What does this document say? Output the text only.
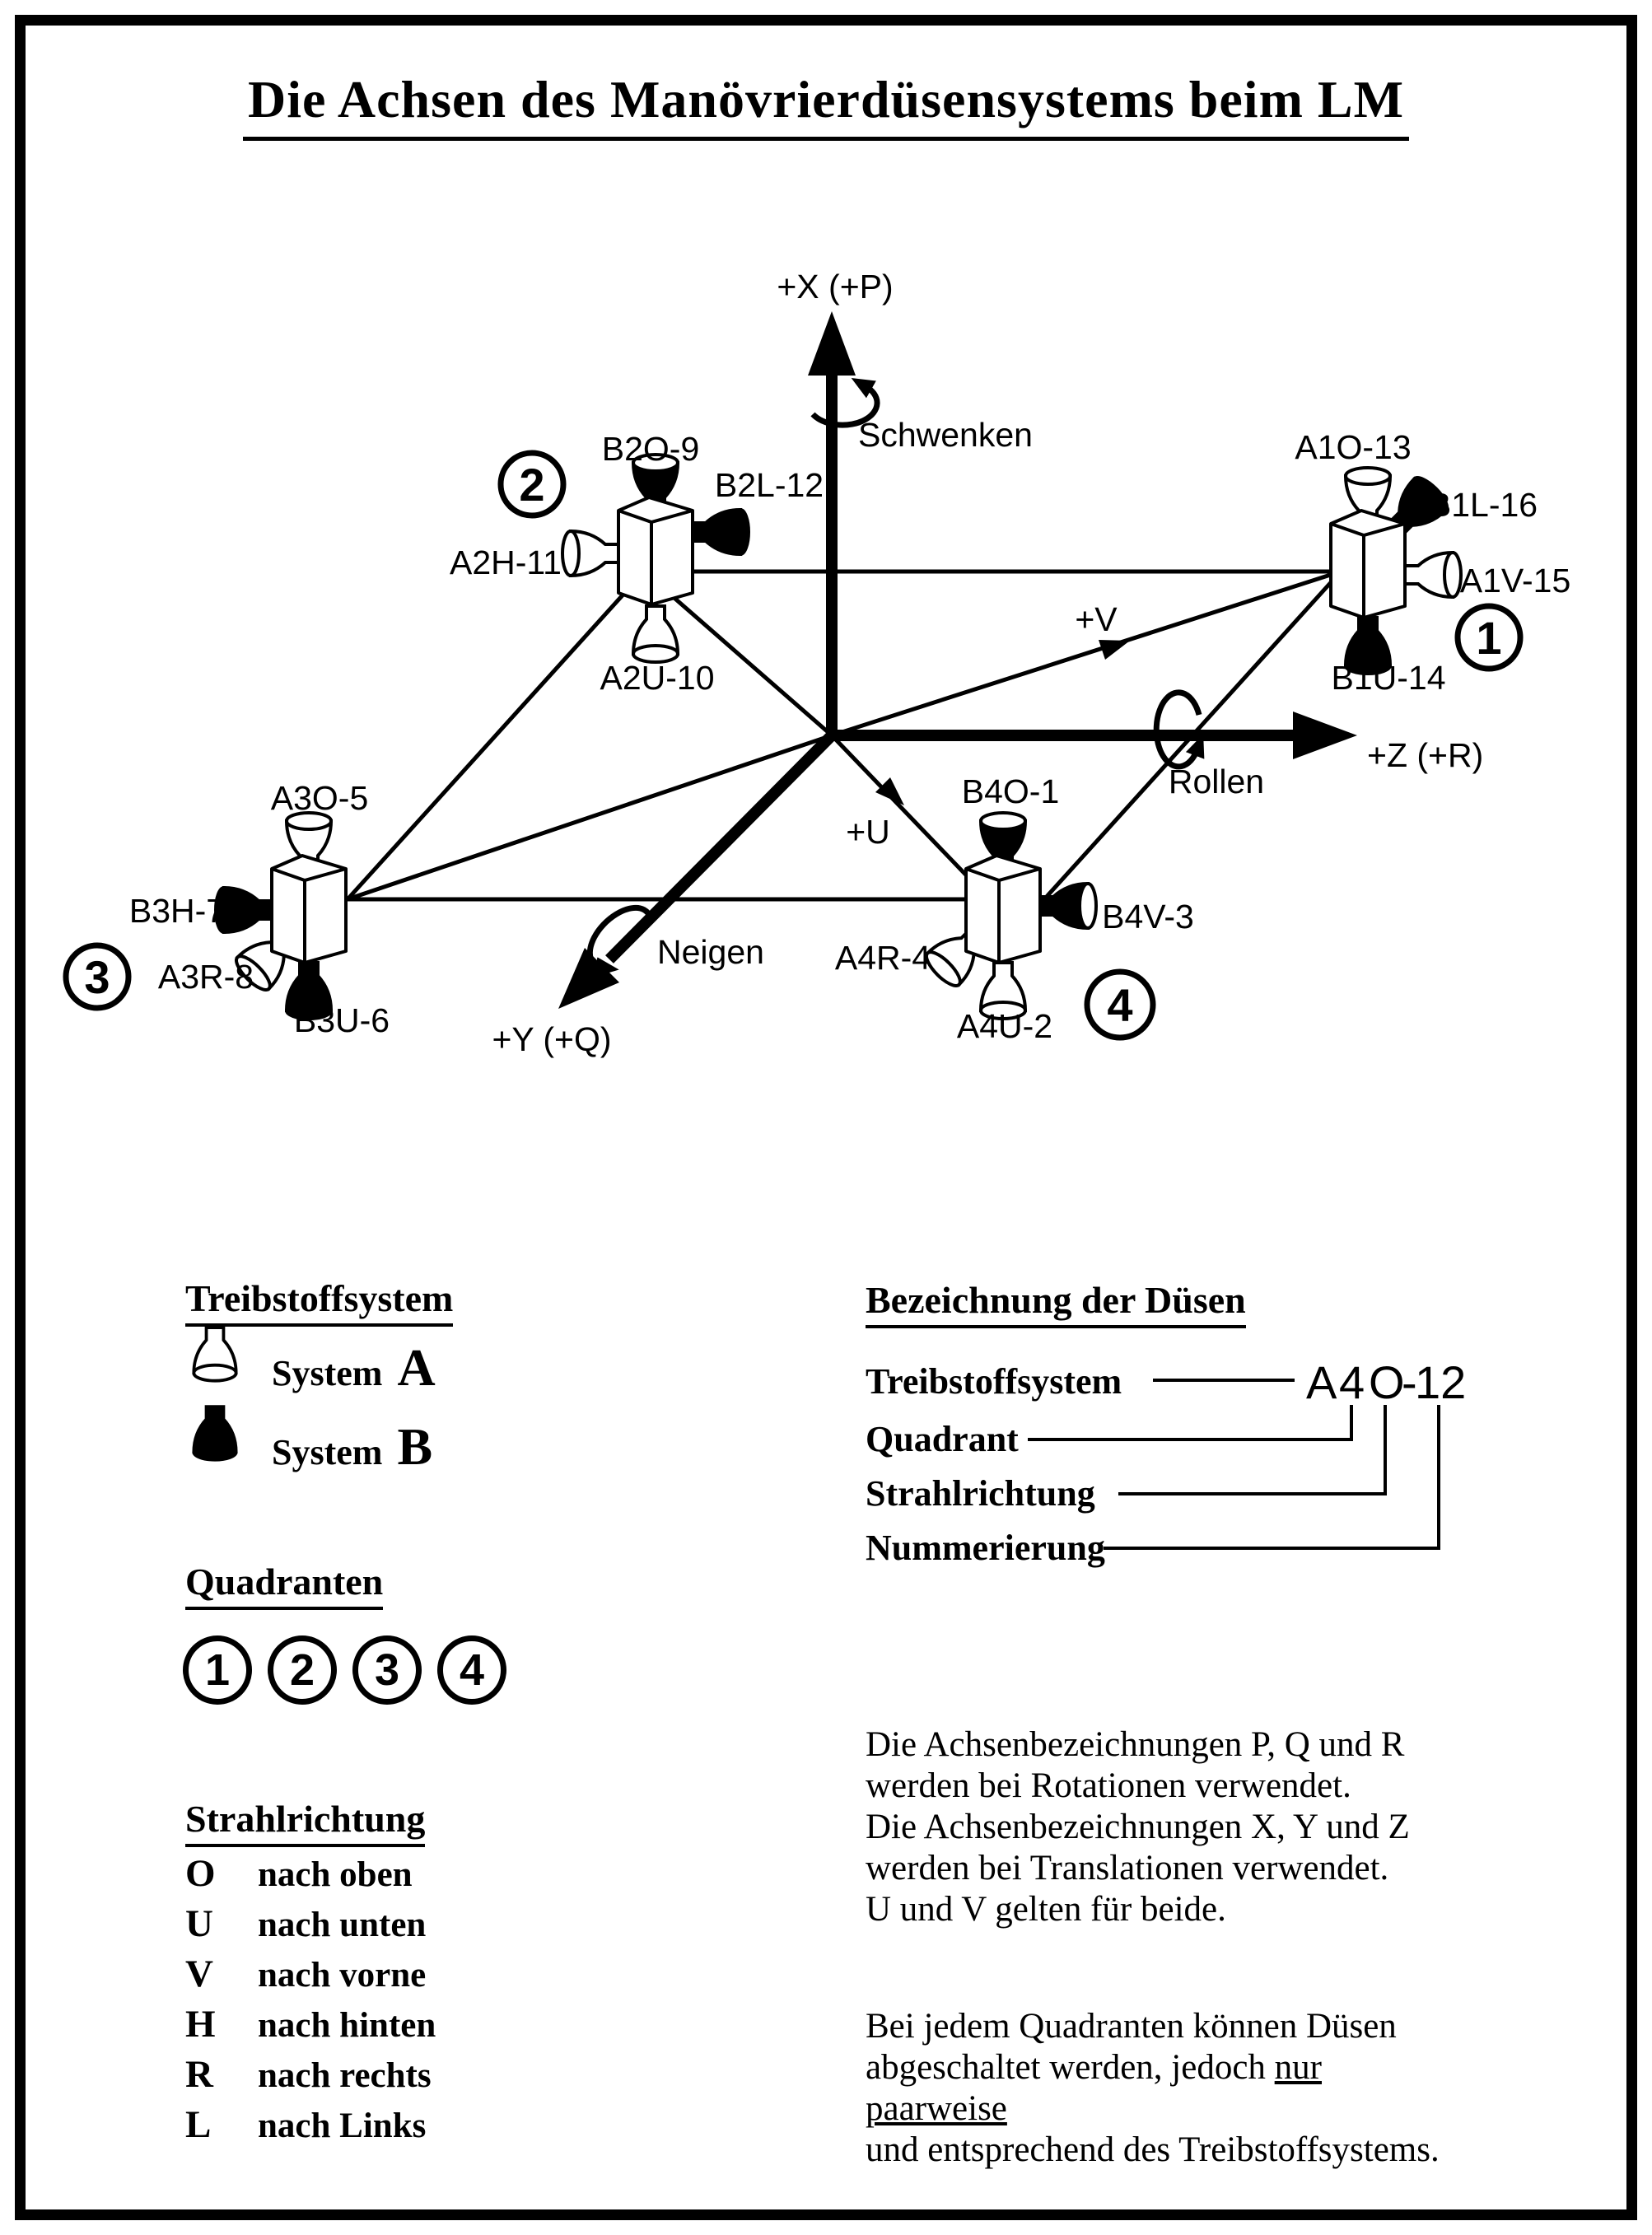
Die Achsen des Manövrierdüsensystems beim LM
+X (+P)
Schwenken
+V
+Z (+R)
Rollen
+U
Neigen
+Y (+Q)
A1O-13
B1L-16
A1V-15
B1U-14
B2O-9
B2L-12
A2H-11
A2U-10
A3O-5
B3H-7
A3R-8
B3U-6
B4O-1
B4V-3
A4R-4
A4U-2
1
2
3
4
Treibstoffsystem
System A
System B
Quadranten
1 2 3 4
Strahlrichtung
O nach oben
U nach unten
V nach vorne
H nach hinten
R nach rechts
L nach Links
Bezeichnung der Düsen
Treibstoffsystem
Quadrant
Strahlrichtung
Nummerierung
A 4 O
-
12
Die Achsenbezeichnungen P, Q und R
werden bei Rotationen verwendet.
Die Achsenbezeichnungen X, Y und Z
werden bei Translationen verwendet.
U und V gelten für beide.
Bei jedem Quadranten können Düsen
abgeschaltet werden, jedoch nur paarweise
und entsprechend des Treibstoffsystems.
